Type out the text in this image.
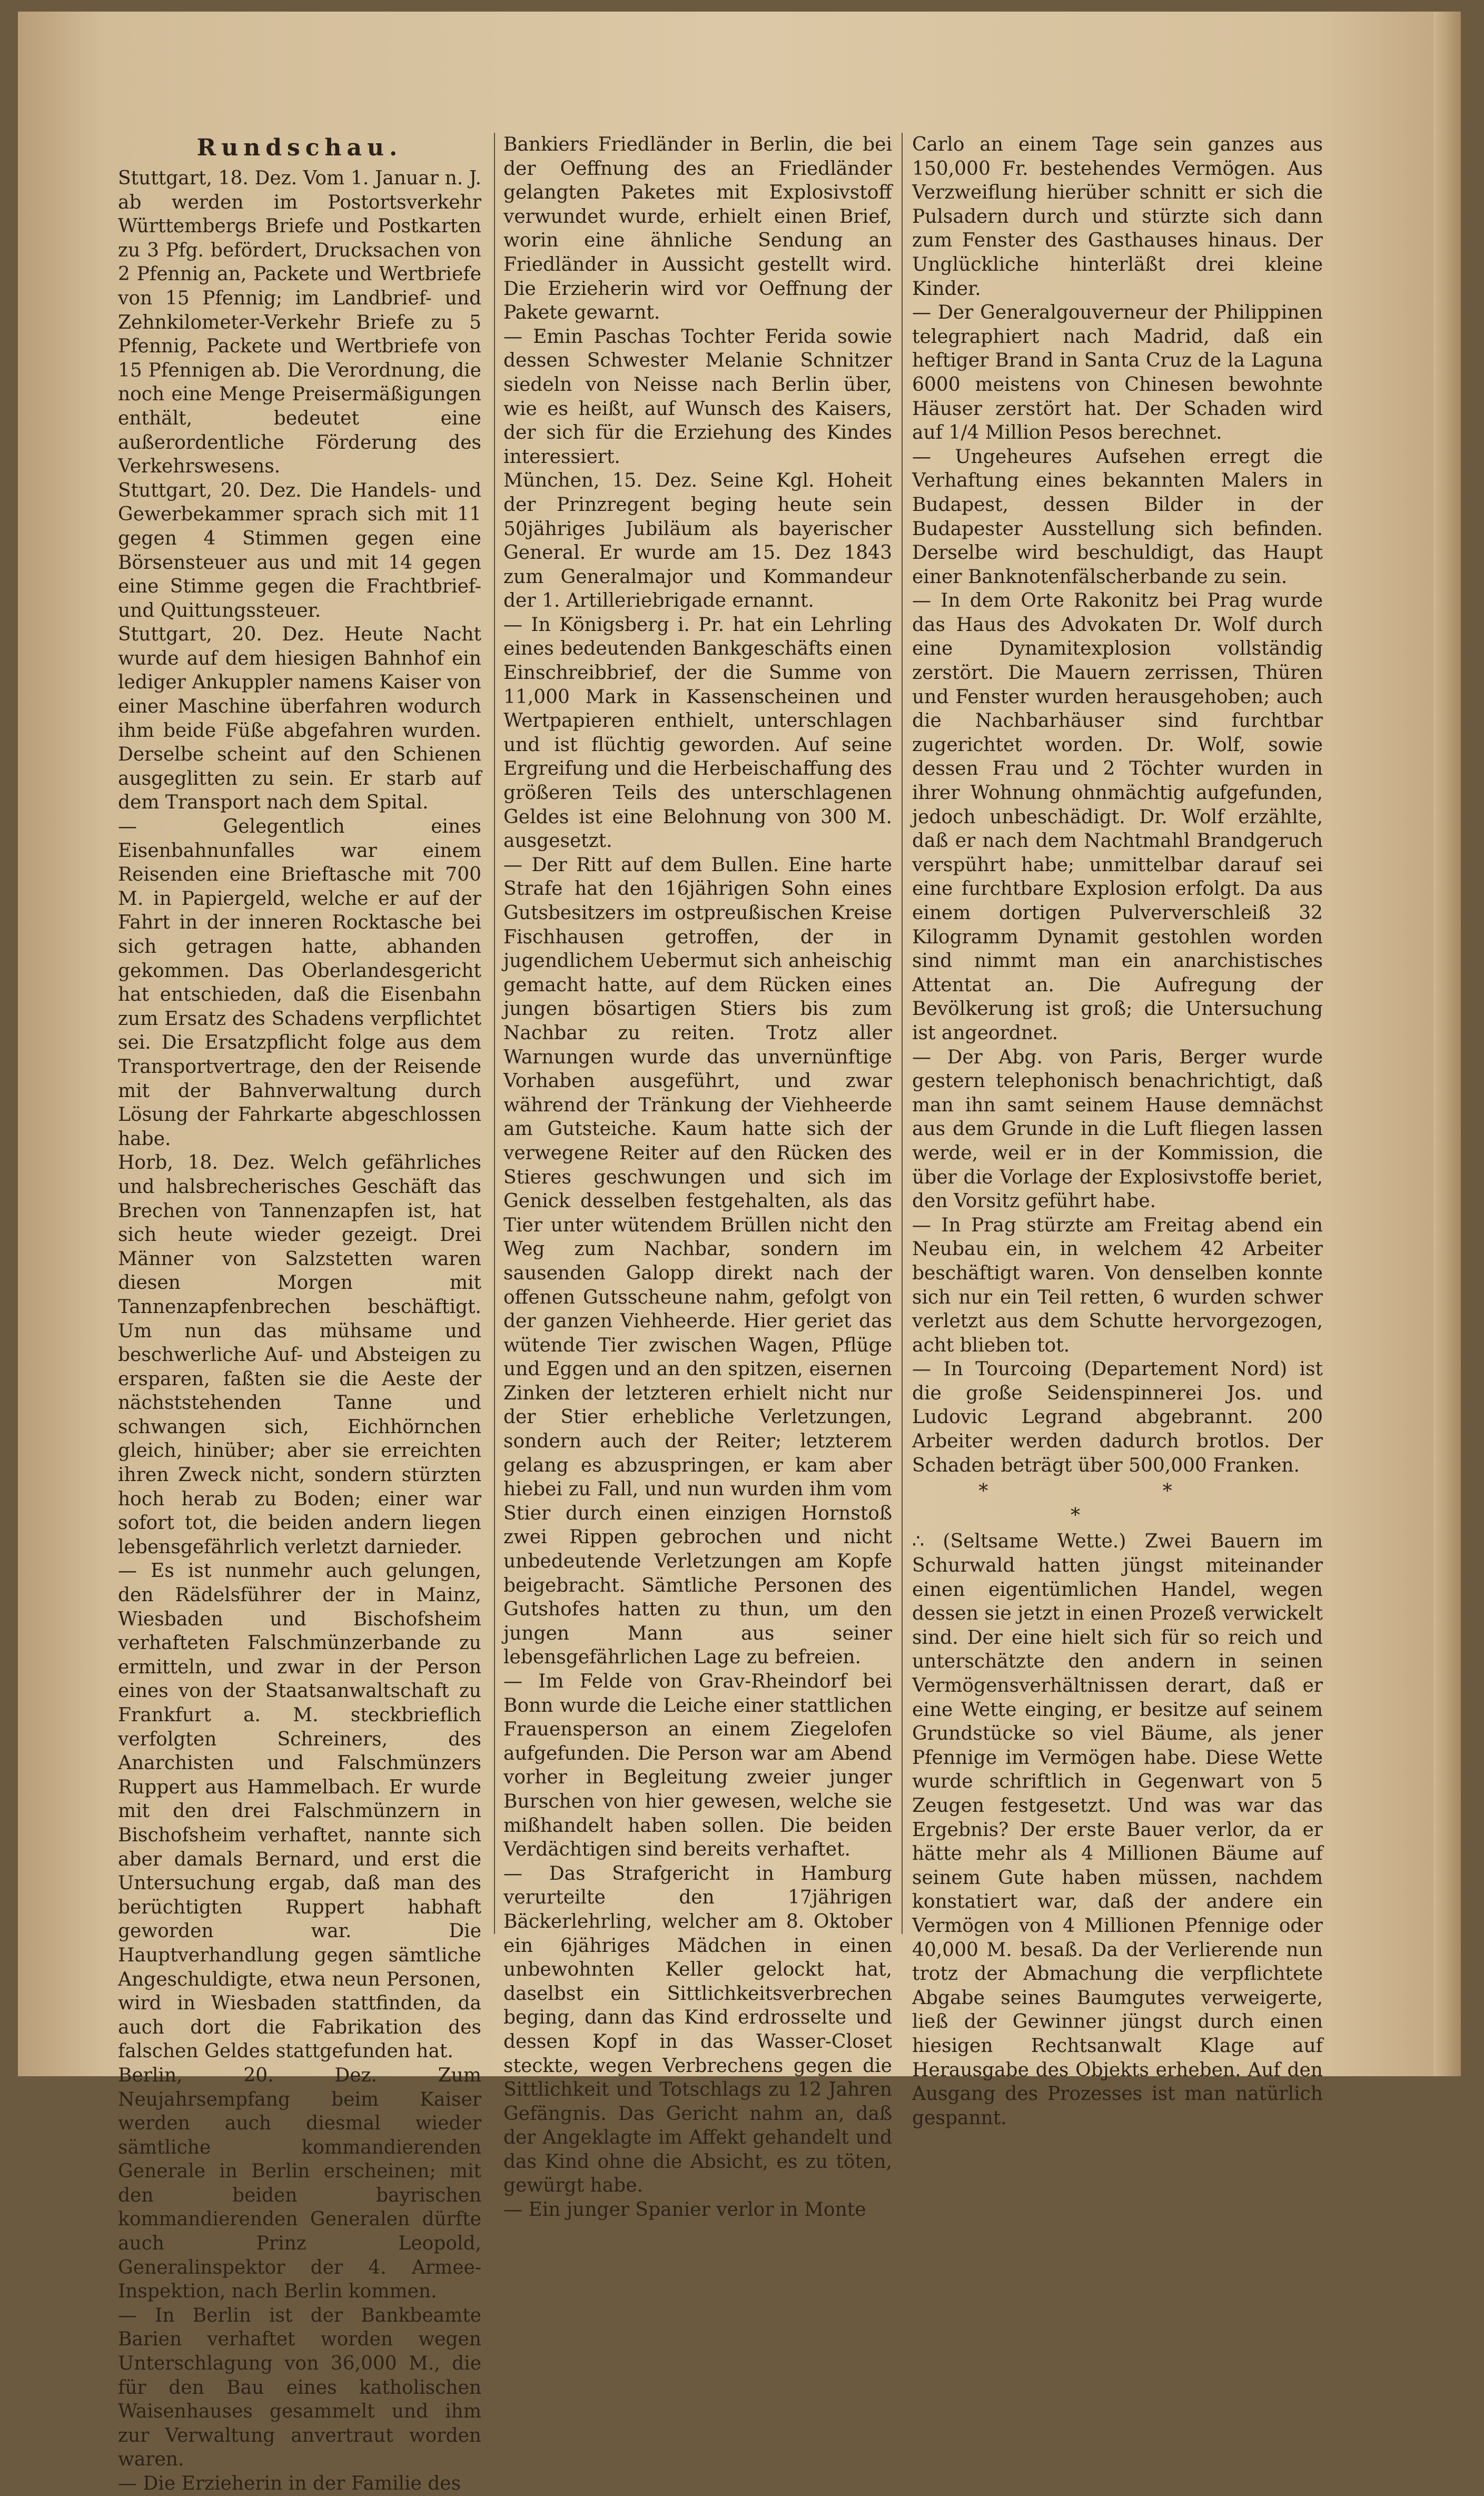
Rundschau.

Stuttgart, 18. Dez. Vom 1. Januar n. J. ab werden im Postortsverkehr Württembergs Briefe und Postkarten zu 3 Pfg. befördert, Drucksachen von 2 Pfennig an, Packete und Wertbriefe von 15 Pfennig; im Landbrief- und Zehnkilometer-Verkehr Briefe zu 5 Pfennig, Packete und Wertbriefe von 15 Pfennigen ab. Die Verordnung, die noch eine Menge Preisermäßigungen enthält, bedeutet eine außerordentliche Förderung des Verkehrswesens.

Stuttgart, 20. Dez. Die Handels- und Gewerbekammer sprach sich mit 11 gegen 4 Stimmen gegen eine Börsensteuer aus und mit 14 gegen eine Stimme gegen die Frachtbrief- und Quittungssteuer.

Stuttgart, 20. Dez. Heute Nacht wurde auf dem hiesigen Bahnhof ein lediger Ankuppler namens Kaiser von einer Maschine überfahren wodurch ihm beide Füße abgefahren wurden. Derselbe scheint auf den Schienen ausgeglitten zu sein. Er starb auf dem Transport nach dem Spital.

— Gelegentlich eines Eisenbahnunfalles war einem Reisenden eine Brieftasche mit 700 M. in Papiergeld, welche er auf der Fahrt in der inneren Rocktasche bei sich getragen hatte, abhanden gekommen. Das Oberlandesgericht hat entschieden, daß die Eisenbahn zum Ersatz des Schadens verpflichtet sei. Die Ersatzpflicht folge aus dem Transportvertrage, den der Reisende mit der Bahnverwaltung durch Lösung der Fahrkarte abgeschlossen habe.

Horb, 18. Dez. Welch gefährliches und halsbrecherisches Geschäft das Brechen von Tannenzapfen ist, hat sich heute wieder gezeigt. Drei Männer von Salzstetten waren diesen Morgen mit Tannenzapfenbrechen beschäftigt. Um nun das mühsame und beschwerliche Auf- und Absteigen zu ersparen, faßten sie die Aeste der nächststehenden Tanne und schwangen sich, Eichhörnchen gleich, hinüber; aber sie erreichten ihren Zweck nicht, sondern stürzten hoch herab zu Boden; einer war sofort tot, die beiden andern liegen lebensgefährlich verletzt darnieder.

— Es ist nunmehr auch gelungen, den Rädelsführer der in Mainz, Wiesbaden und Bischofsheim verhafteten Falschmünzerbande zu ermitteln, und zwar in der Person eines von der Staatsanwaltschaft zu Frankfurt a. M. steckbrieflich verfolgten Schreiners, des Anarchisten und Falschmünzers Ruppert aus Hammelbach. Er wurde mit den drei Falschmünzern in Bischofsheim verhaftet, nannte sich aber damals Bernard, und erst die Untersuchung ergab, daß man des berüchtigten Ruppert habhaft geworden war. Die Hauptverhandlung gegen sämtliche Angeschuldigte, etwa neun Personen, wird in Wiesbaden stattfinden, da auch dort die Fabrikation des falschen Geldes stattgefunden hat.

Berlin, 20. Dez. Zum Neujahrsempfang beim Kaiser werden auch diesmal wieder sämtliche kommandierenden Generale in Berlin erscheinen; mit den beiden bayrischen kommandierenden Generalen dürfte auch Prinz Leopold, Generalinspektor der 4. Armee-Inspektion, nach Berlin kommen.

— In Berlin ist der Bankbeamte Barien verhaftet worden wegen Unterschlagung von 36,000 M., die für den Bau eines katholischen Waisenhauses gesammelt und ihm zur Verwaltung anvertraut worden waren.

— Die Erzieherin in der Familie des

Bankiers Friedländer in Berlin, die bei der Oeffnung des an Friedländer gelangten Paketes mit Explosivstoff verwundet wurde, erhielt einen Brief, worin eine ähnliche Sendung an Friedländer in Aussicht gestellt wird. Die Erzieherin wird vor Oeffnung der Pakete gewarnt.

— Emin Paschas Tochter Ferida sowie dessen Schwester Melanie Schnitzer siedeln von Neisse nach Berlin über, wie es heißt, auf Wunsch des Kaisers, der sich für die Erziehung des Kindes interessiert.

München, 15. Dez. Seine Kgl. Hoheit der Prinzregent beging heute sein 50jähriges Jubiläum als bayerischer General. Er wurde am 15. Dez 1843 zum Generalmajor und Kommandeur der 1. Artilleriebrigade ernannt.

— In Königsberg i. Pr. hat ein Lehrling eines bedeutenden Bankgeschäfts einen Einschreibbrief, der die Summe von 11,000 Mark in Kassenscheinen und Wertpapieren enthielt, unterschlagen und ist flüchtig geworden. Auf seine Ergreifung und die Herbeischaffung des größeren Teils des unterschlagenen Geldes ist eine Belohnung von 300 M. ausgesetzt.

— Der Ritt auf dem Bullen. Eine harte Strafe hat den 16jährigen Sohn eines Gutsbesitzers im ostpreußischen Kreise Fischhausen getroffen, der in jugendlichem Uebermut sich anheischig gemacht hatte, auf dem Rücken eines jungen bösartigen Stiers bis zum Nachbar zu reiten. Trotz aller Warnungen wurde das unvernünftige Vorhaben ausgeführt, und zwar während der Tränkung der Viehheerde am Gutsteiche. Kaum hatte sich der verwegene Reiter auf den Rücken des Stieres geschwungen und sich im Genick desselben festgehalten, als das Tier unter wütendem Brüllen nicht den Weg zum Nachbar, sondern im sausenden Galopp direkt nach der offenen Gutsscheune nahm, gefolgt von der ganzen Viehheerde. Hier geriet das wütende Tier zwischen Wagen, Pflüge und Eggen und an den spitzen, eisernen Zinken der letzteren erhielt nicht nur der Stier erhebliche Verletzungen, sondern auch der Reiter; letzterem gelang es abzuspringen, er kam aber hiebei zu Fall, und nun wurden ihm vom Stier durch einen einzigen Hornstoß zwei Rippen gebrochen und nicht unbedeutende Verletzungen am Kopfe beigebracht. Sämtliche Personen des Gutshofes hatten zu thun, um den jungen Mann aus seiner lebensgefährlichen Lage zu befreien.

— Im Felde von Grav-Rheindorf bei Bonn wurde die Leiche einer stattlichen Frauensperson an einem Ziegelofen aufgefunden. Die Person war am Abend vorher in Begleitung zweier junger Burschen von hier gewesen, welche sie mißhandelt haben sollen. Die beiden Verdächtigen sind bereits verhaftet.

— Das Strafgericht in Hamburg verurteilte den 17jährigen Bäckerlehrling, welcher am 8. Oktober ein 6jähriges Mädchen in einen unbewohnten Keller gelockt hat, daselbst ein Sittlichkeitsverbrechen beging, dann das Kind erdrosselte und dessen Kopf in das Wasser-Closet steckte, wegen Verbrechens gegen die Sittlichkeit und Totschlags zu 12 Jahren Gefängnis. Das Gericht nahm an, daß der Angeklagte im Affekt gehandelt und das Kind ohne die Absicht, es zu töten, gewürgt habe.

— Ein junger Spanier verlor in Monte

Carlo an einem Tage sein ganzes aus 150,000 Fr. bestehendes Vermögen. Aus Verzweiflung hierüber schnitt er sich die Pulsadern durch und stürzte sich dann zum Fenster des Gasthauses hinaus. Der Unglückliche hinterläßt drei kleine Kinder.

— Der Generalgouverneur der Philippinen telegraphiert nach Madrid, daß ein heftiger Brand in Santa Cruz de la Laguna 6000 meistens von Chinesen bewohnte Häuser zerstört hat. Der Schaden wird auf 1/4 Million Pesos berechnet.

— Ungeheures Aufsehen erregt die Verhaftung eines bekannten Malers in Budapest, dessen Bilder in der Budapester Ausstellung sich befinden. Derselbe wird beschuldigt, das Haupt einer Banknotenfälscherbande zu sein.

— In dem Orte Rakonitz bei Prag wurde das Haus des Advokaten Dr. Wolf durch eine Dynamitexplosion vollständig zerstört. Die Mauern zerrissen, Thüren und Fenster wurden herausgehoben; auch die Nachbarhäuser sind furchtbar zugerichtet worden. Dr. Wolf, sowie dessen Frau und 2 Töchter wurden in ihrer Wohnung ohnmächtig aufgefunden, jedoch unbeschädigt. Dr. Wolf erzählte, daß er nach dem Nachtmahl Brandgeruch verspührt habe; unmittelbar darauf sei eine furchtbare Explosion erfolgt. Da aus einem dortigen Pulververschleiß 32 Kilogramm Dynamit gestohlen worden sind nimmt man ein anarchistisches Attentat an. Die Aufregung der Bevölkerung ist groß; die Untersuchung ist angeordnet.

— Der Abg. von Paris, Berger wurde gestern telephonisch benachrichtigt, daß man ihn samt seinem Hause demnächst aus dem Grunde in die Luft fliegen lassen werde, weil er in der Kommission, die über die Vorlage der Explosivstoffe beriet, den Vorsitz geführt habe.

— In Prag stürzte am Freitag abend ein Neubau ein, in welchem 42 Arbeiter beschäftigt waren. Von denselben konnte sich nur ein Teil retten, 6 wurden schwer verletzt aus dem Schutte hervorgezogen, acht blieben tot.

— In Tourcoing (Departement Nord) ist die große Seidenspinnerei Jos. und Ludovic Legrand abgebrannt. 200 Arbeiter werden dadurch brotlos. Der Schaden beträgt über 500,000 Franken.

* * *

∴ (Seltsame Wette.) Zwei Bauern im Schurwald hatten jüngst miteinander einen eigentümlichen Handel, wegen dessen sie jetzt in einen Prozeß verwickelt sind. Der eine hielt sich für so reich und unterschätzte den andern in seinen Vermögensverhältnissen derart, daß er eine Wette einging, er besitze auf seinem Grundstücke so viel Bäume, als jener Pfennige im Vermögen habe. Diese Wette wurde schriftlich in Gegenwart von 5 Zeugen festgesetzt. Und was war das Ergebnis? Der erste Bauer verlor, da er hätte mehr als 4 Millionen Bäume auf seinem Gute haben müssen, nachdem konstatiert war, daß der andere ein Vermögen von 4 Millionen Pfennige oder 40,000 M. besaß. Da der Verlierende nun trotz der Abmachung die verpflichtete Abgabe seines Baumgutes verweigerte, ließ der Gewinner jüngst durch einen hiesigen Rechtsanwalt Klage auf Herausgabe des Objekts erheben. Auf den Ausgang des Prozesses ist man natürlich gespannt.
